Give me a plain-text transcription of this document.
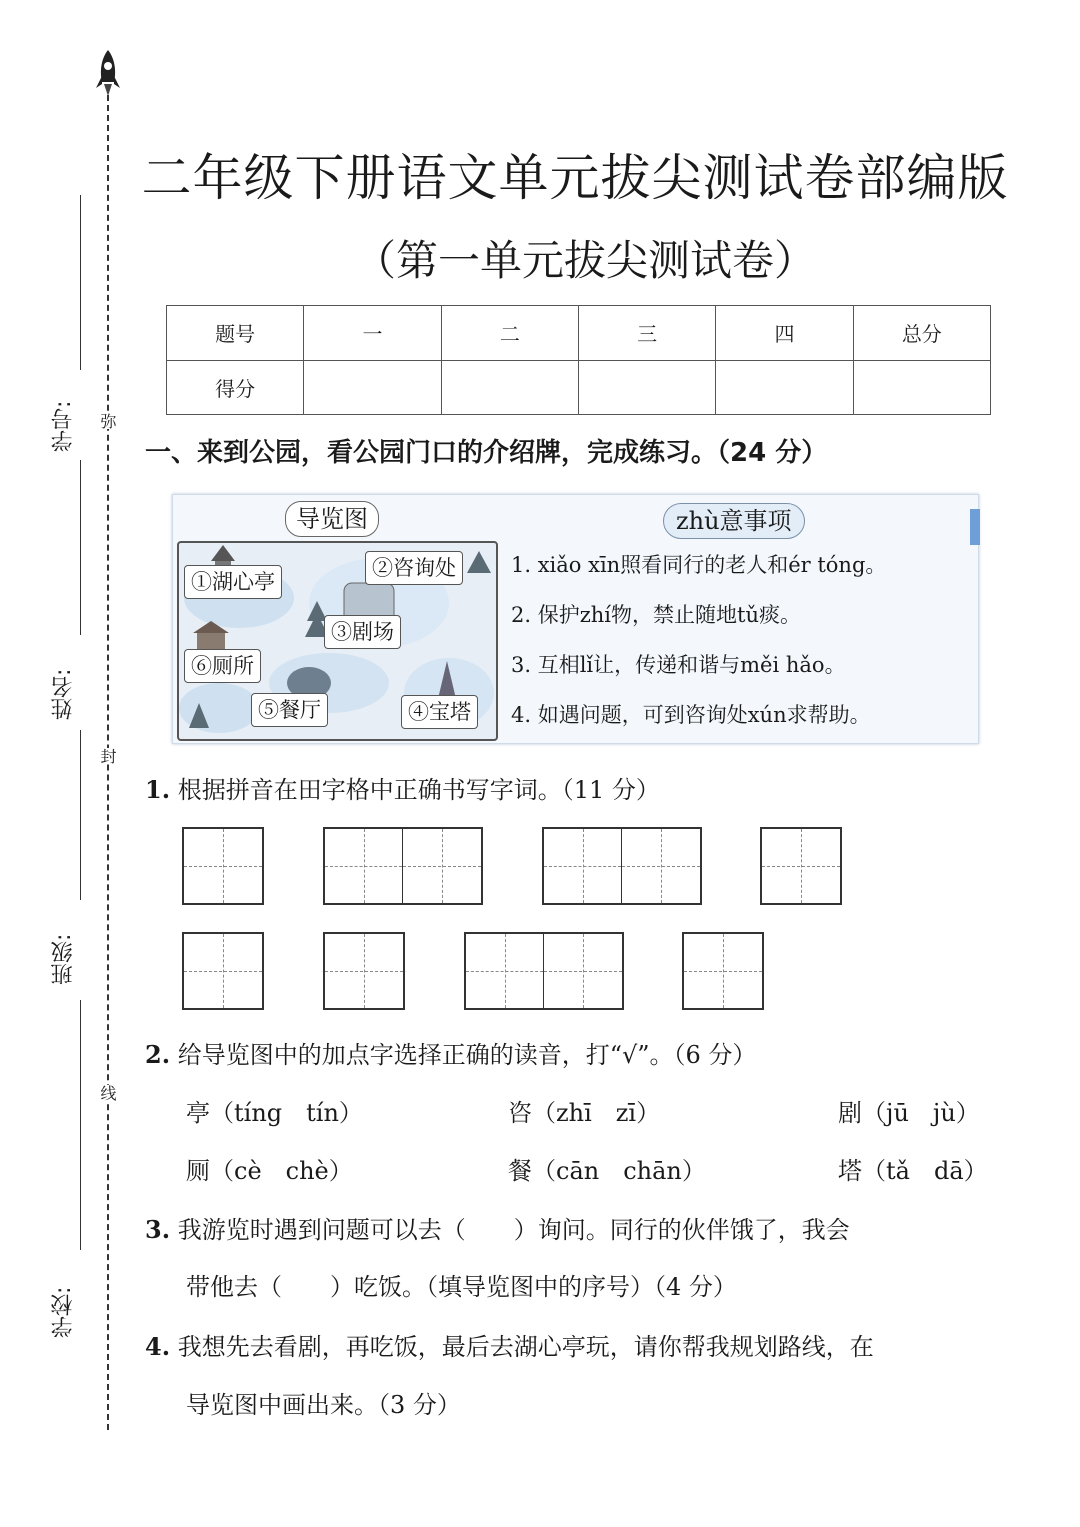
学号:
姓名:
班级:
学校:
弥
封
线
二年级下册语文单元拔尖测试卷部编版
（第一单元拔尖测试卷）
题号	一	二	三	四	总分
得分					
一、来到公园，看公园门口的介绍牌，完成练习。（24 分）
导览图
①湖心亭
②咨询处
③剧场
④宝塔
⑤餐厅
⑥厕所
zhù意事项
1. xiǎo xīn照看同行的老人和ér tóng。
2. 保护zhí物，禁止随地tǔ痰。
3. 互相lǐ让，传递和谐与měi hǎo。
4. 如遇问题，可到咨询处xún求帮助。
1. 根据拼音在田字格中正确书写字词。（11 分）
2. 给导览图中的加点字选择正确的读音，打“√”。（6 分）
亭（tíng　tín）	咨（zhī　zī）	剧（jū　jù）
厕（cè　chè）	餐（cān　chān）	塔（tǎ　dā）
3. 我游览时遇到问题可以去（　　）询问。同行的伙伴饿了，我会
带他去（　　）吃饭。（填导览图中的序号）（4 分）
4. 我想先去看剧，再吃饭，最后去湖心亭玩，请你帮我规划路线，在
导览图中画出来。（3 分）
